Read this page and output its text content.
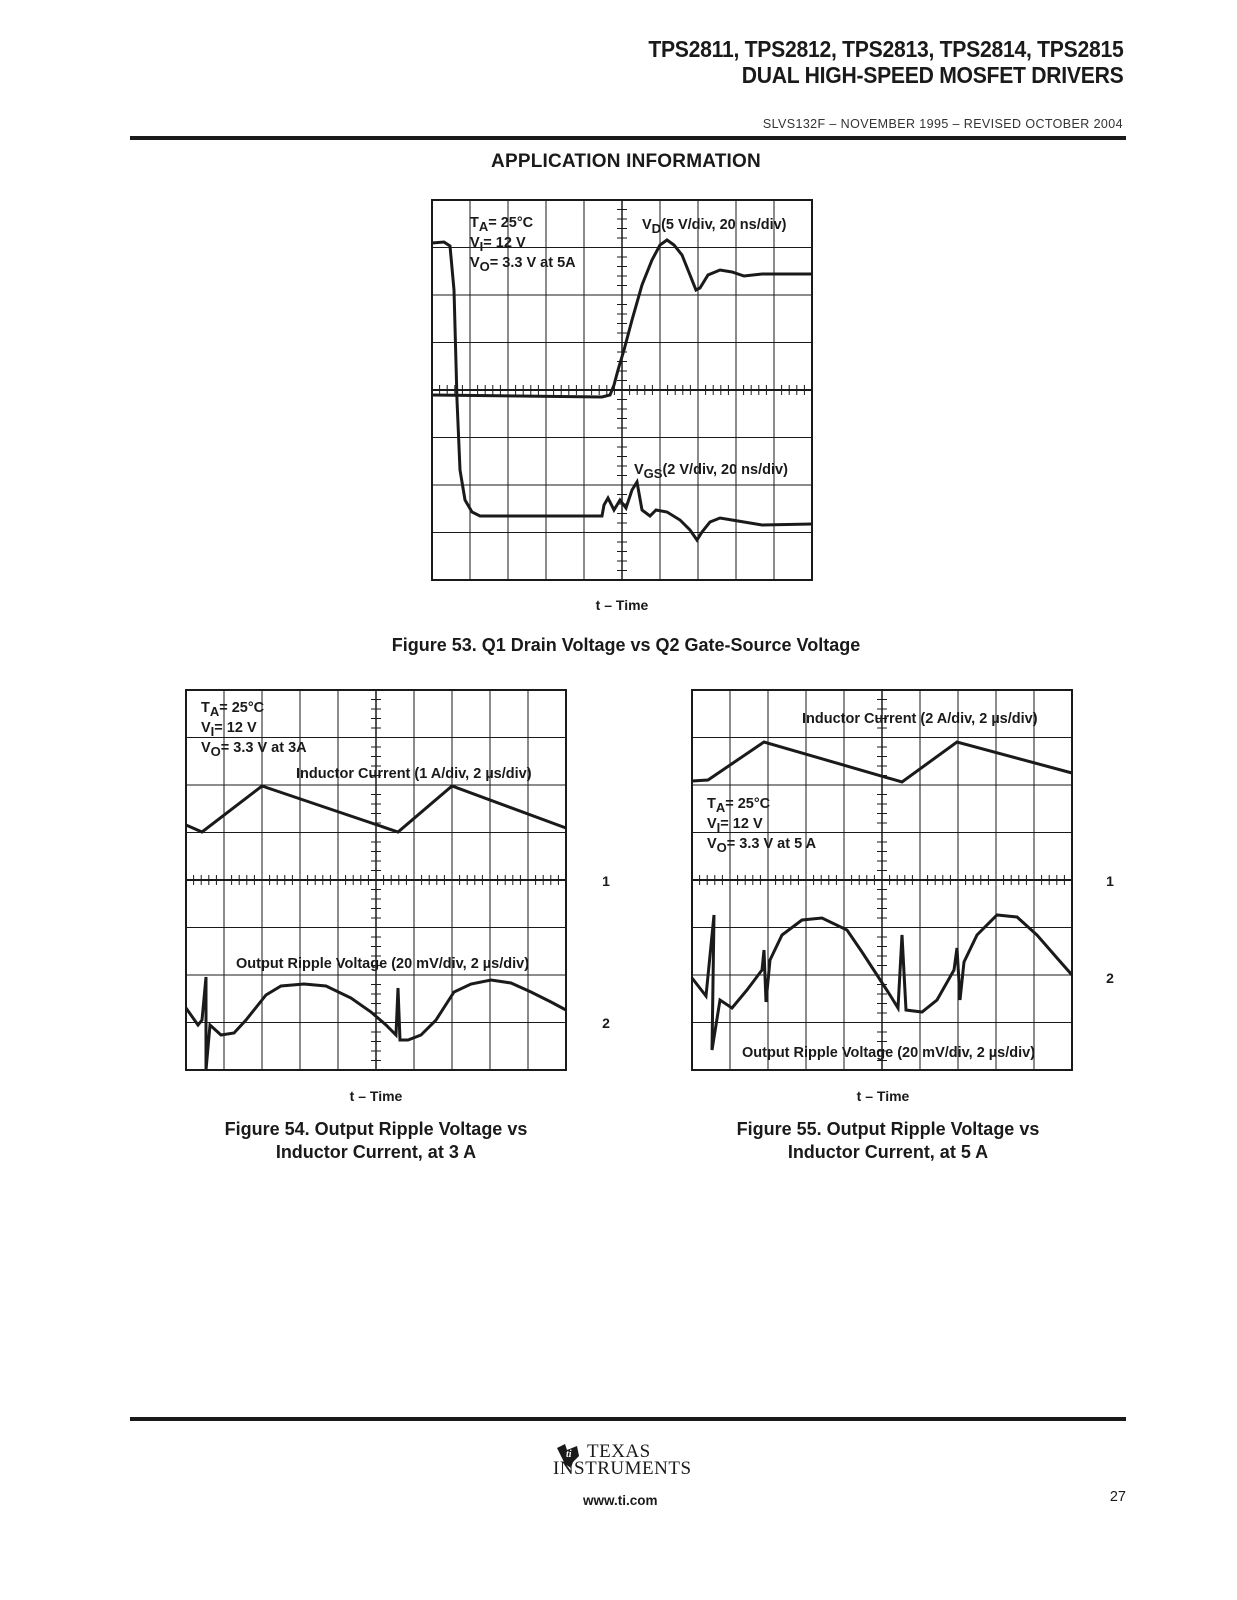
TPS2811, TPS2812, TPS2813, TPS2814, TPS2815
DUAL HIGH-SPEED MOSFET DRIVERS
SLVS132F – NOVEMBER 1995 – REVISED OCTOBER 2004
APPLICATION INFORMATION
TA= 25°C
VI= 12 V
VO= 3.3 V at 5A
VD(5 V/div, 20 ns/div)
VGS(2 V/div, 20 ns/div)
t – Time
Figure 53. Q1 Drain Voltage vs Q2 Gate-Source Voltage
TA= 25°C
VI= 12 V
VO= 3.3 V at 3A
Inductor Current (1 A/div, 2 µs/div)
Output Ripple Voltage (20 mV/div, 2 µs/div)
1
2
t – Time
Figure 54. Output Ripple Voltage vs
Inductor Current, at 3 A
Inductor Current (2 A/div, 2 µs/div)
TA= 25°C
VI= 12 V
VO= 3.3 V at 5 A
Output Ripple Voltage (20 mV/div, 2 µs/div)
1
2
t – Time
Figure 55. Output Ripple Voltage vs
Inductor Current, at 5 A
ti TEXAS
INSTRUMENTS
www.ti.com	27
